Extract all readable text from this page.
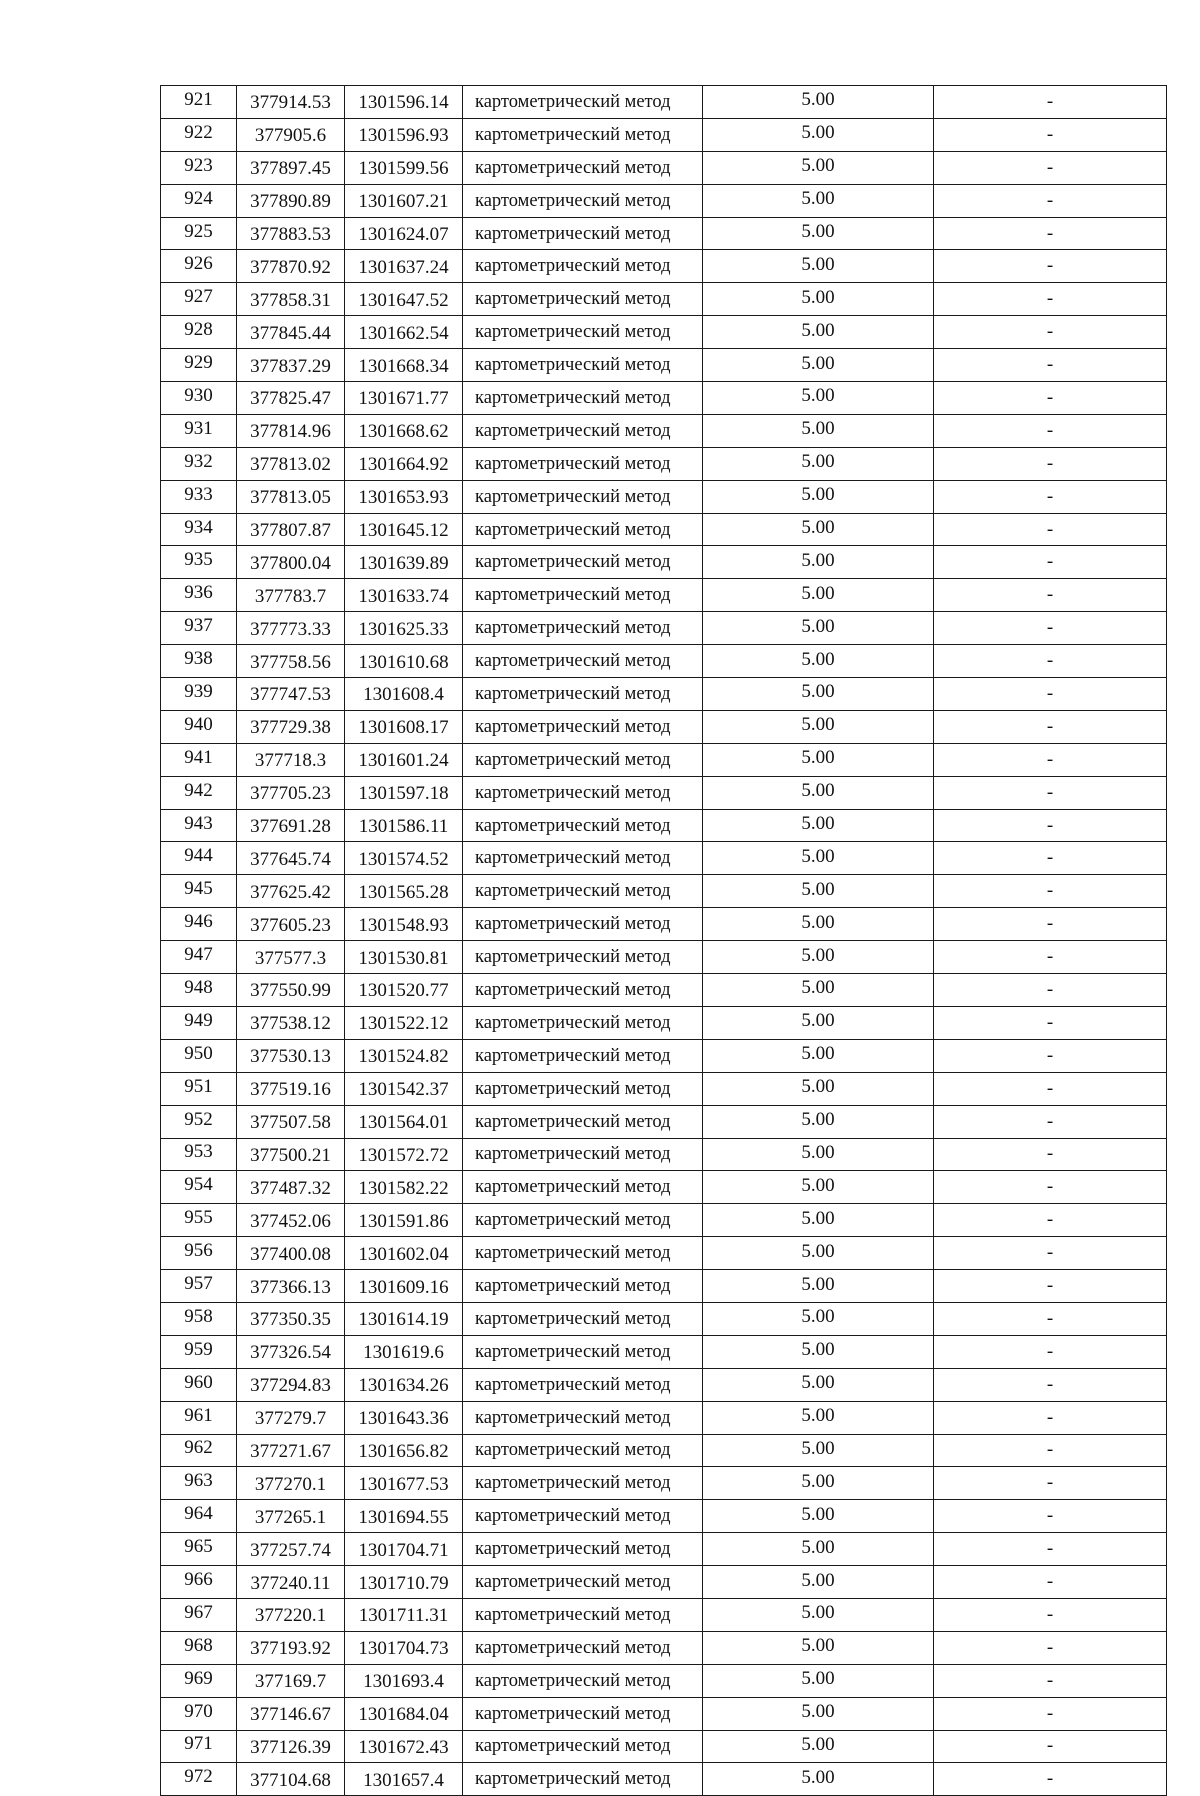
921	377914.53	1301596.14	картометрический метод	5.00	-
922	377905.6	1301596.93	картометрический метод	5.00	-
923	377897.45	1301599.56	картометрический метод	5.00	-
924	377890.89	1301607.21	картометрический метод	5.00	-
925	377883.53	1301624.07	картометрический метод	5.00	-
926	377870.92	1301637.24	картометрический метод	5.00	-
927	377858.31	1301647.52	картометрический метод	5.00	-
928	377845.44	1301662.54	картометрический метод	5.00	-
929	377837.29	1301668.34	картометрический метод	5.00	-
930	377825.47	1301671.77	картометрический метод	5.00	-
931	377814.96	1301668.62	картометрический метод	5.00	-
932	377813.02	1301664.92	картометрический метод	5.00	-
933	377813.05	1301653.93	картометрический метод	5.00	-
934	377807.87	1301645.12	картометрический метод	5.00	-
935	377800.04	1301639.89	картометрический метод	5.00	-
936	377783.7	1301633.74	картометрический метод	5.00	-
937	377773.33	1301625.33	картометрический метод	5.00	-
938	377758.56	1301610.68	картометрический метод	5.00	-
939	377747.53	1301608.4	картометрический метод	5.00	-
940	377729.38	1301608.17	картометрический метод	5.00	-
941	377718.3	1301601.24	картометрический метод	5.00	-
942	377705.23	1301597.18	картометрический метод	5.00	-
943	377691.28	1301586.11	картометрический метод	5.00	-
944	377645.74	1301574.52	картометрический метод	5.00	-
945	377625.42	1301565.28	картометрический метод	5.00	-
946	377605.23	1301548.93	картометрический метод	5.00	-
947	377577.3	1301530.81	картометрический метод	5.00	-
948	377550.99	1301520.77	картометрический метод	5.00	-
949	377538.12	1301522.12	картометрический метод	5.00	-
950	377530.13	1301524.82	картометрический метод	5.00	-
951	377519.16	1301542.37	картометрический метод	5.00	-
952	377507.58	1301564.01	картометрический метод	5.00	-
953	377500.21	1301572.72	картометрический метод	5.00	-
954	377487.32	1301582.22	картометрический метод	5.00	-
955	377452.06	1301591.86	картометрический метод	5.00	-
956	377400.08	1301602.04	картометрический метод	5.00	-
957	377366.13	1301609.16	картометрический метод	5.00	-
958	377350.35	1301614.19	картометрический метод	5.00	-
959	377326.54	1301619.6	картометрический метод	5.00	-
960	377294.83	1301634.26	картометрический метод	5.00	-
961	377279.7	1301643.36	картометрический метод	5.00	-
962	377271.67	1301656.82	картометрический метод	5.00	-
963	377270.1	1301677.53	картометрический метод	5.00	-
964	377265.1	1301694.55	картометрический метод	5.00	-
965	377257.74	1301704.71	картометрический метод	5.00	-
966	377240.11	1301710.79	картометрический метод	5.00	-
967	377220.1	1301711.31	картометрический метод	5.00	-
968	377193.92	1301704.73	картометрический метод	5.00	-
969	377169.7	1301693.4	картометрический метод	5.00	-
970	377146.67	1301684.04	картометрический метод	5.00	-
971	377126.39	1301672.43	картометрический метод	5.00	-
972	377104.68	1301657.4	картометрический метод	5.00	-
